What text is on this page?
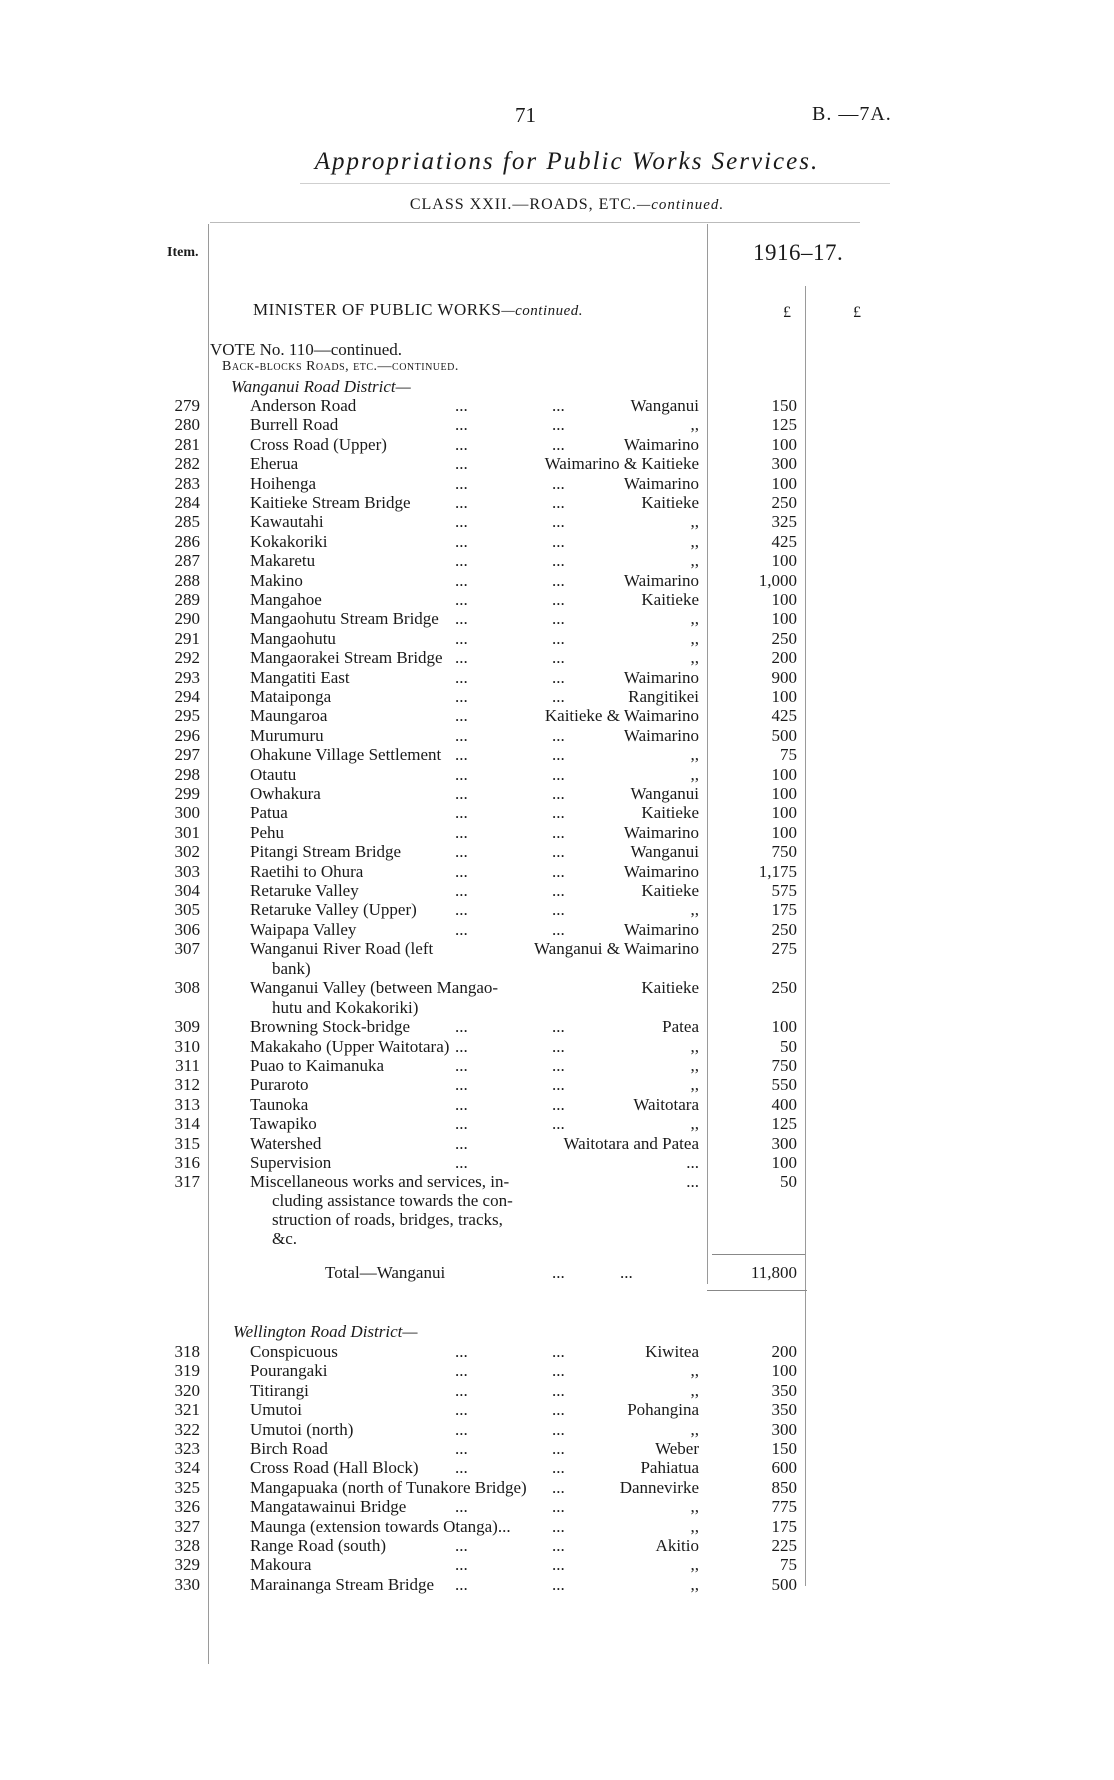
71	B. —7A.
Appropriations for Public Works Services.
CLASS XXII.—ROADS, ETC.—continued.
Item.	1916–17.
MINISTER OF PUBLIC WORKS—continued.	£	£
VOTE No. 110—continued.
Back-blocks Roads, etc.—continued.
Wanganui Road District—
279	Anderson Road	...	...	Wanganui	150
280	Burrell Road	...	...	,,	125
281	Cross Road (Upper)	...	...	Waimarino	100
282	Eherua	...	Waimarino & Kaitieke	300
283	Hoihenga	...	...	Waimarino	100
284	Kaitieke Stream Bridge	...	...	Kaitieke	250
285	Kawautahi	...	...	,,	325
286	Kokakoriki	...	...	,,	425
287	Makaretu	...	...	,,	100
288	Makino	...	...	Waimarino	1,000
289	Mangahoe	...	...	Kaitieke	100
290	Mangaohutu Stream Bridge ...	...	,,	100
291	Mangaohutu	...	...	,,	250
292	Mangaorakei Stream Bridge ...	...	,,	200
293	Mangatiti East	...	...	Waimarino	900
294	Mataiponga	...	...	Rangitikei	100
295	Maungaroa	...	Kaitieke & Waimarino	425
296	Murumuru	...	...	Waimarino	500
297	Ohakune Village Settlement ...	...	,,	75
298	Otautu	...	...	,,	100
299	Owhakura	...	...	Wanganui	100
300	Patua	...	...	Kaitieke	100
301	Pehu	...	...	Waimarino	100
302	Pitangi Stream Bridge	...	...	Wanganui	750
303	Raetihi to Ohura	...	...	Waimarino	1,175
304	Retaruke Valley	...	...	Kaitieke	575
305	Retaruke Valley (Upper) ...	...	,,	175
306	Waipapa Valley	...	...	Waimarino	250
307	Wanganui River Road (left	Wanganui & Waimarino	275
bank)
308	Wanganui Valley (between Mangao-	Kaitieke	250
hutu and Kokakoriki)
309	Browning Stock-bridge	...	...	Patea	100
310	Makakaho (Upper Waitotara) ...	...	,,	50
311	Puao to Kaimanuka	...	...	,,	750
312	Puraroto	...	...	,,	550
313	Taunoka	...	...	Waitotara	400
314	Tawapiko	...	...	,,	125
315	Watershed	...	Waitotara and Patea	300
316	Supervision	...	...	100
317	...	50
Miscellaneous works and services, in-
cluding assistance towards the con-
struction of roads, bridges, tracks,
&c.
Total—Wanganui	...	...	11,800
Wellington Road District—
318	Conspicuous	...	...	Kiwitea	200
319	Pourangaki	...	...	,,	100
320	Titirangi	...	...	,,	350
321	Umutoi	...	...	Pohangina	350
322	Umutoi (north)	...	...	,,	300
323	Birch Road	...	...	Weber	150
324	Cross Road (Hall Block) ...	...	Pahiatua	600
325	Mangapuaka (north of Tunakore Bridge) ...	Dannevirke	850
326	Mangatawainui Bridge	...	...	,,	775
327	Maunga (extension towards Otanga)... ...	,,	175
328	Range Road (south)	...	...	Akitio	225
329	Makoura	...	...	,,	75
330	Marainanga Stream Bridge ...	...	,,	500
